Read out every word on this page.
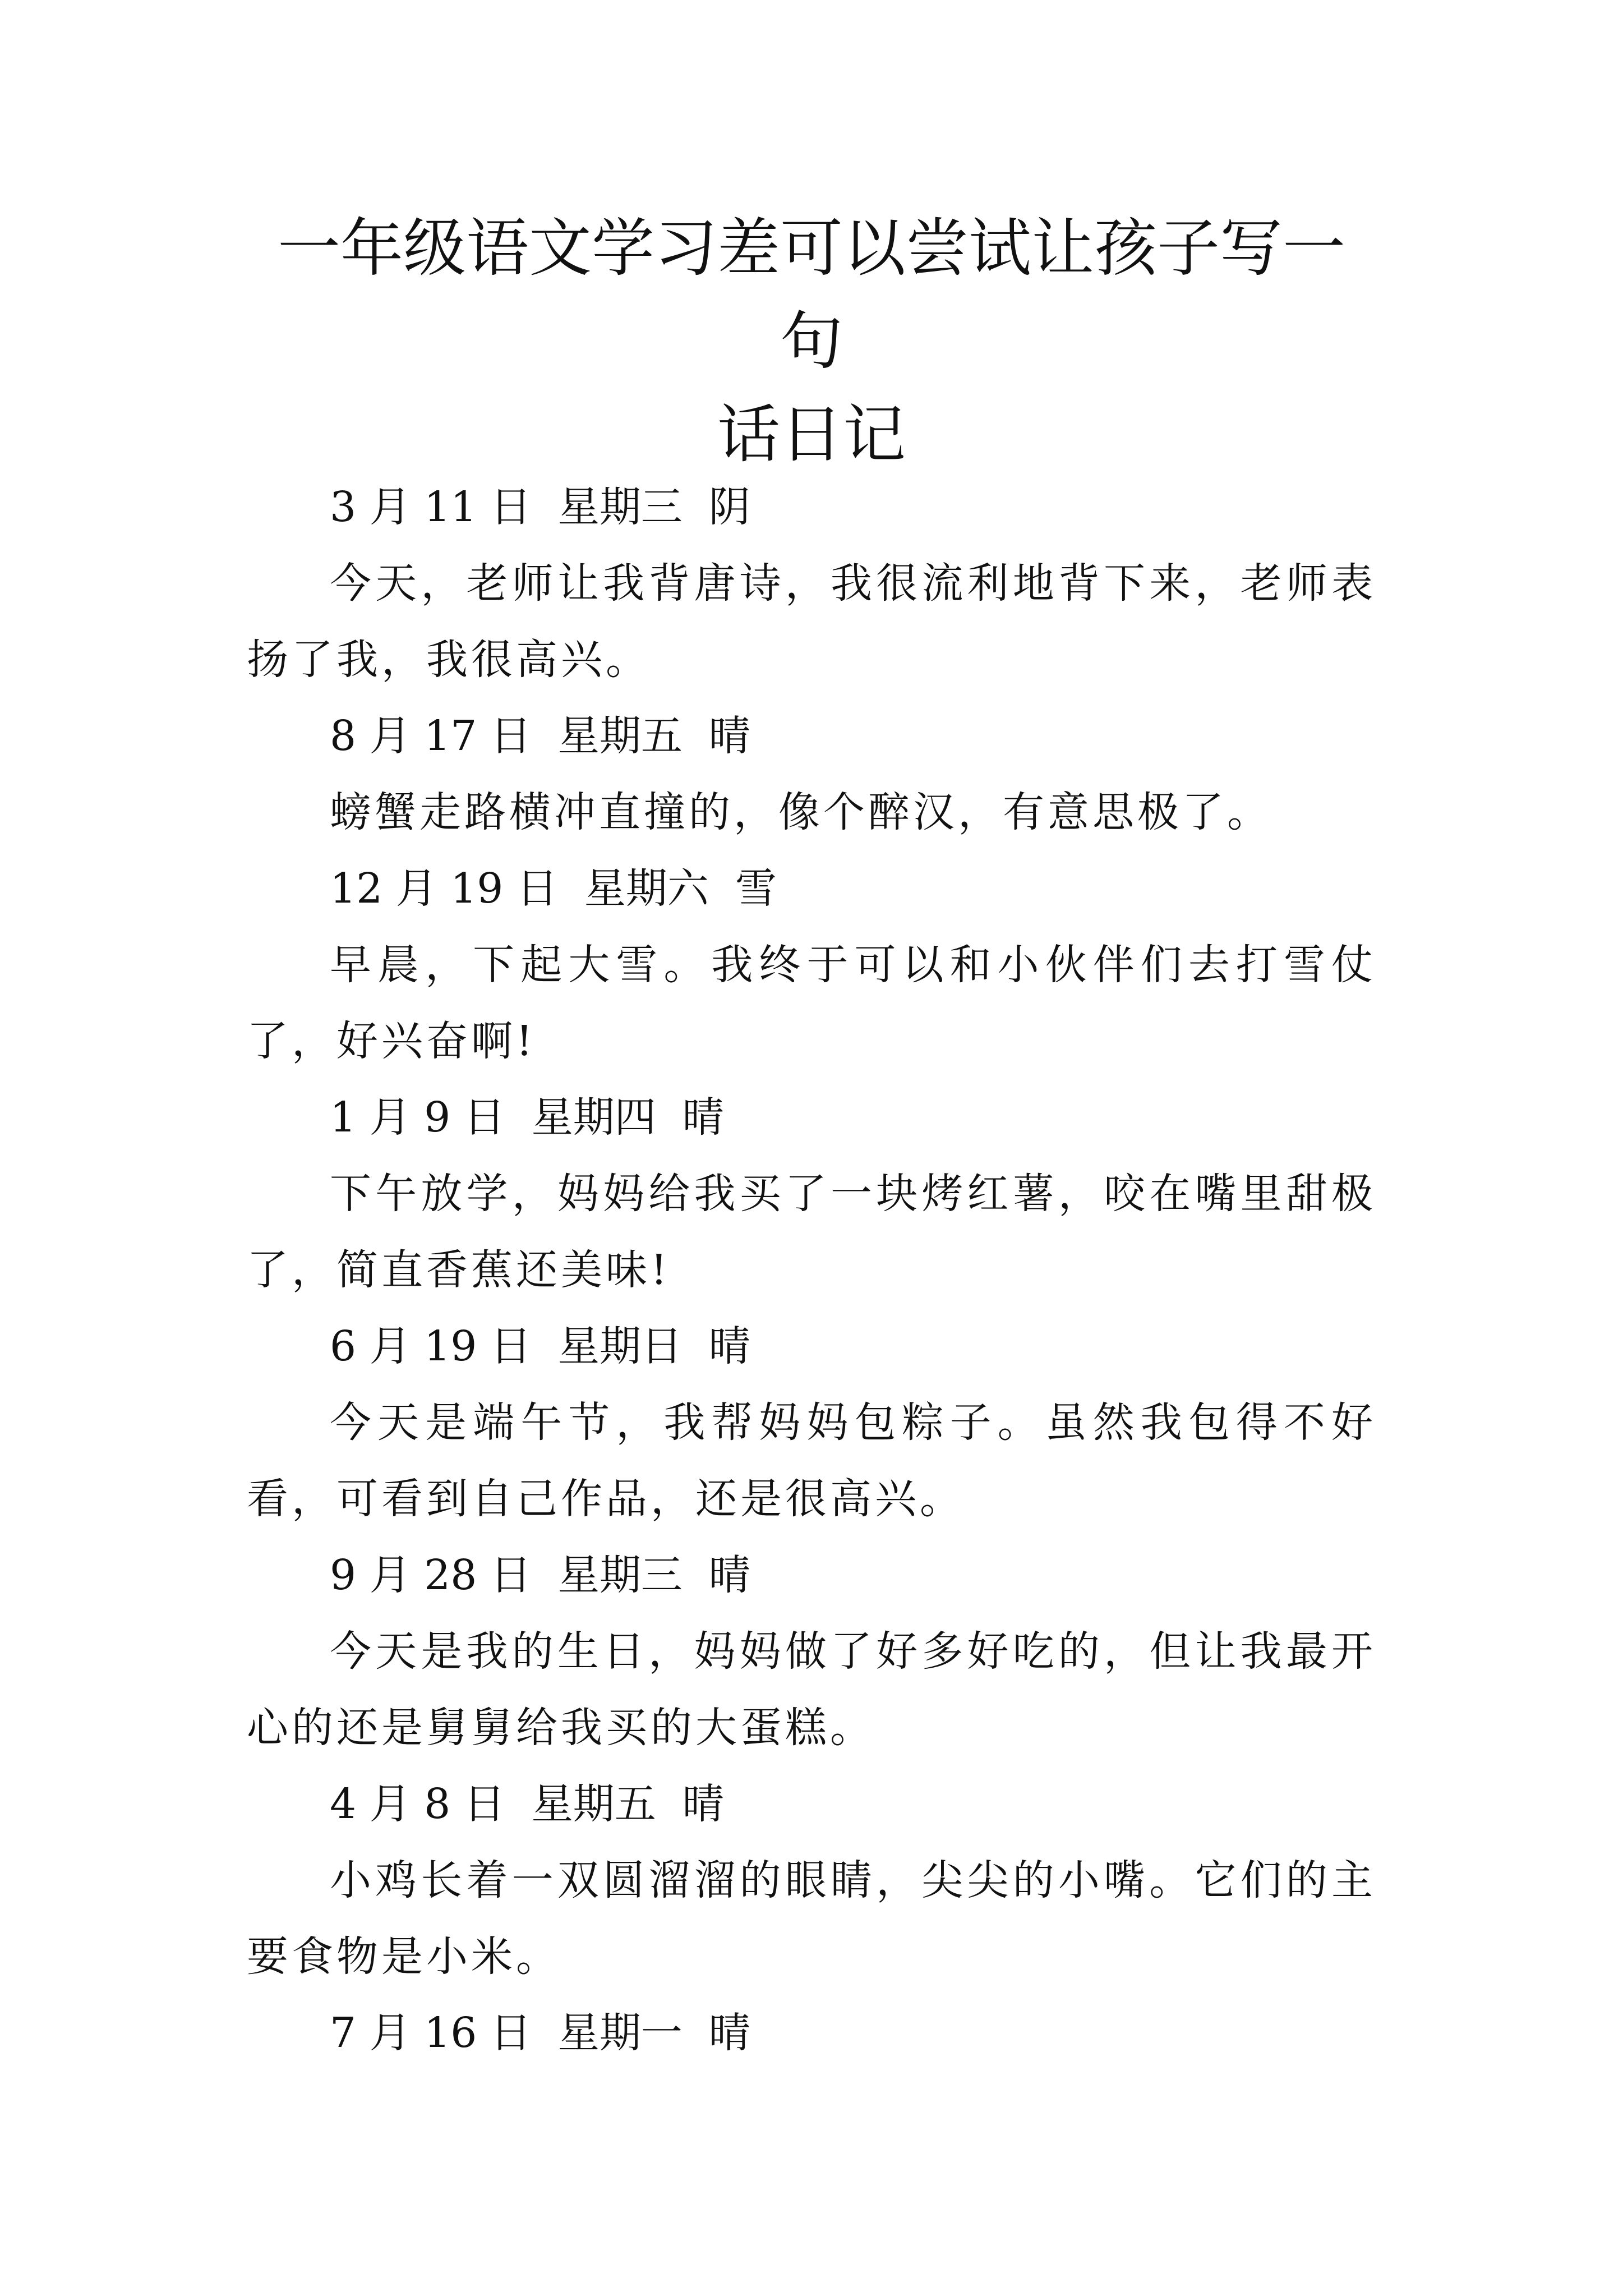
一年级语文学习差可以尝试让孩子写一句
话日记
3 月 11 日  星期三  阴
今天，老师让我背唐诗，我很流利地背下来，老师表扬了我，我很高兴。
8 月 17 日  星期五  晴
螃蟹走路横冲直撞的，像个醉汉，有意思极了。
12 月 19 日  星期六  雪
早晨，下起大雪。我终于可以和小伙伴们去打雪仗了，好兴奋啊!
1 月 9 日  星期四  晴
下午放学，妈妈给我买了一块烤红薯，咬在嘴里甜极了，简直香蕉还美味!
6 月 19 日  星期日  晴
今天是端午节，我帮妈妈包粽子。虽然我包得不好看，可看到自己作品，还是很高兴。
9 月 28 日  星期三  晴
今天是我的生日，妈妈做了好多好吃的，但让我最开心的还是舅舅给我买的大蛋糕。
4 月 8 日  星期五  晴
小鸡长着一双圆溜溜的眼睛，尖尖的小嘴。它们的主要食物是小米。
7 月 16 日  星期一  晴
